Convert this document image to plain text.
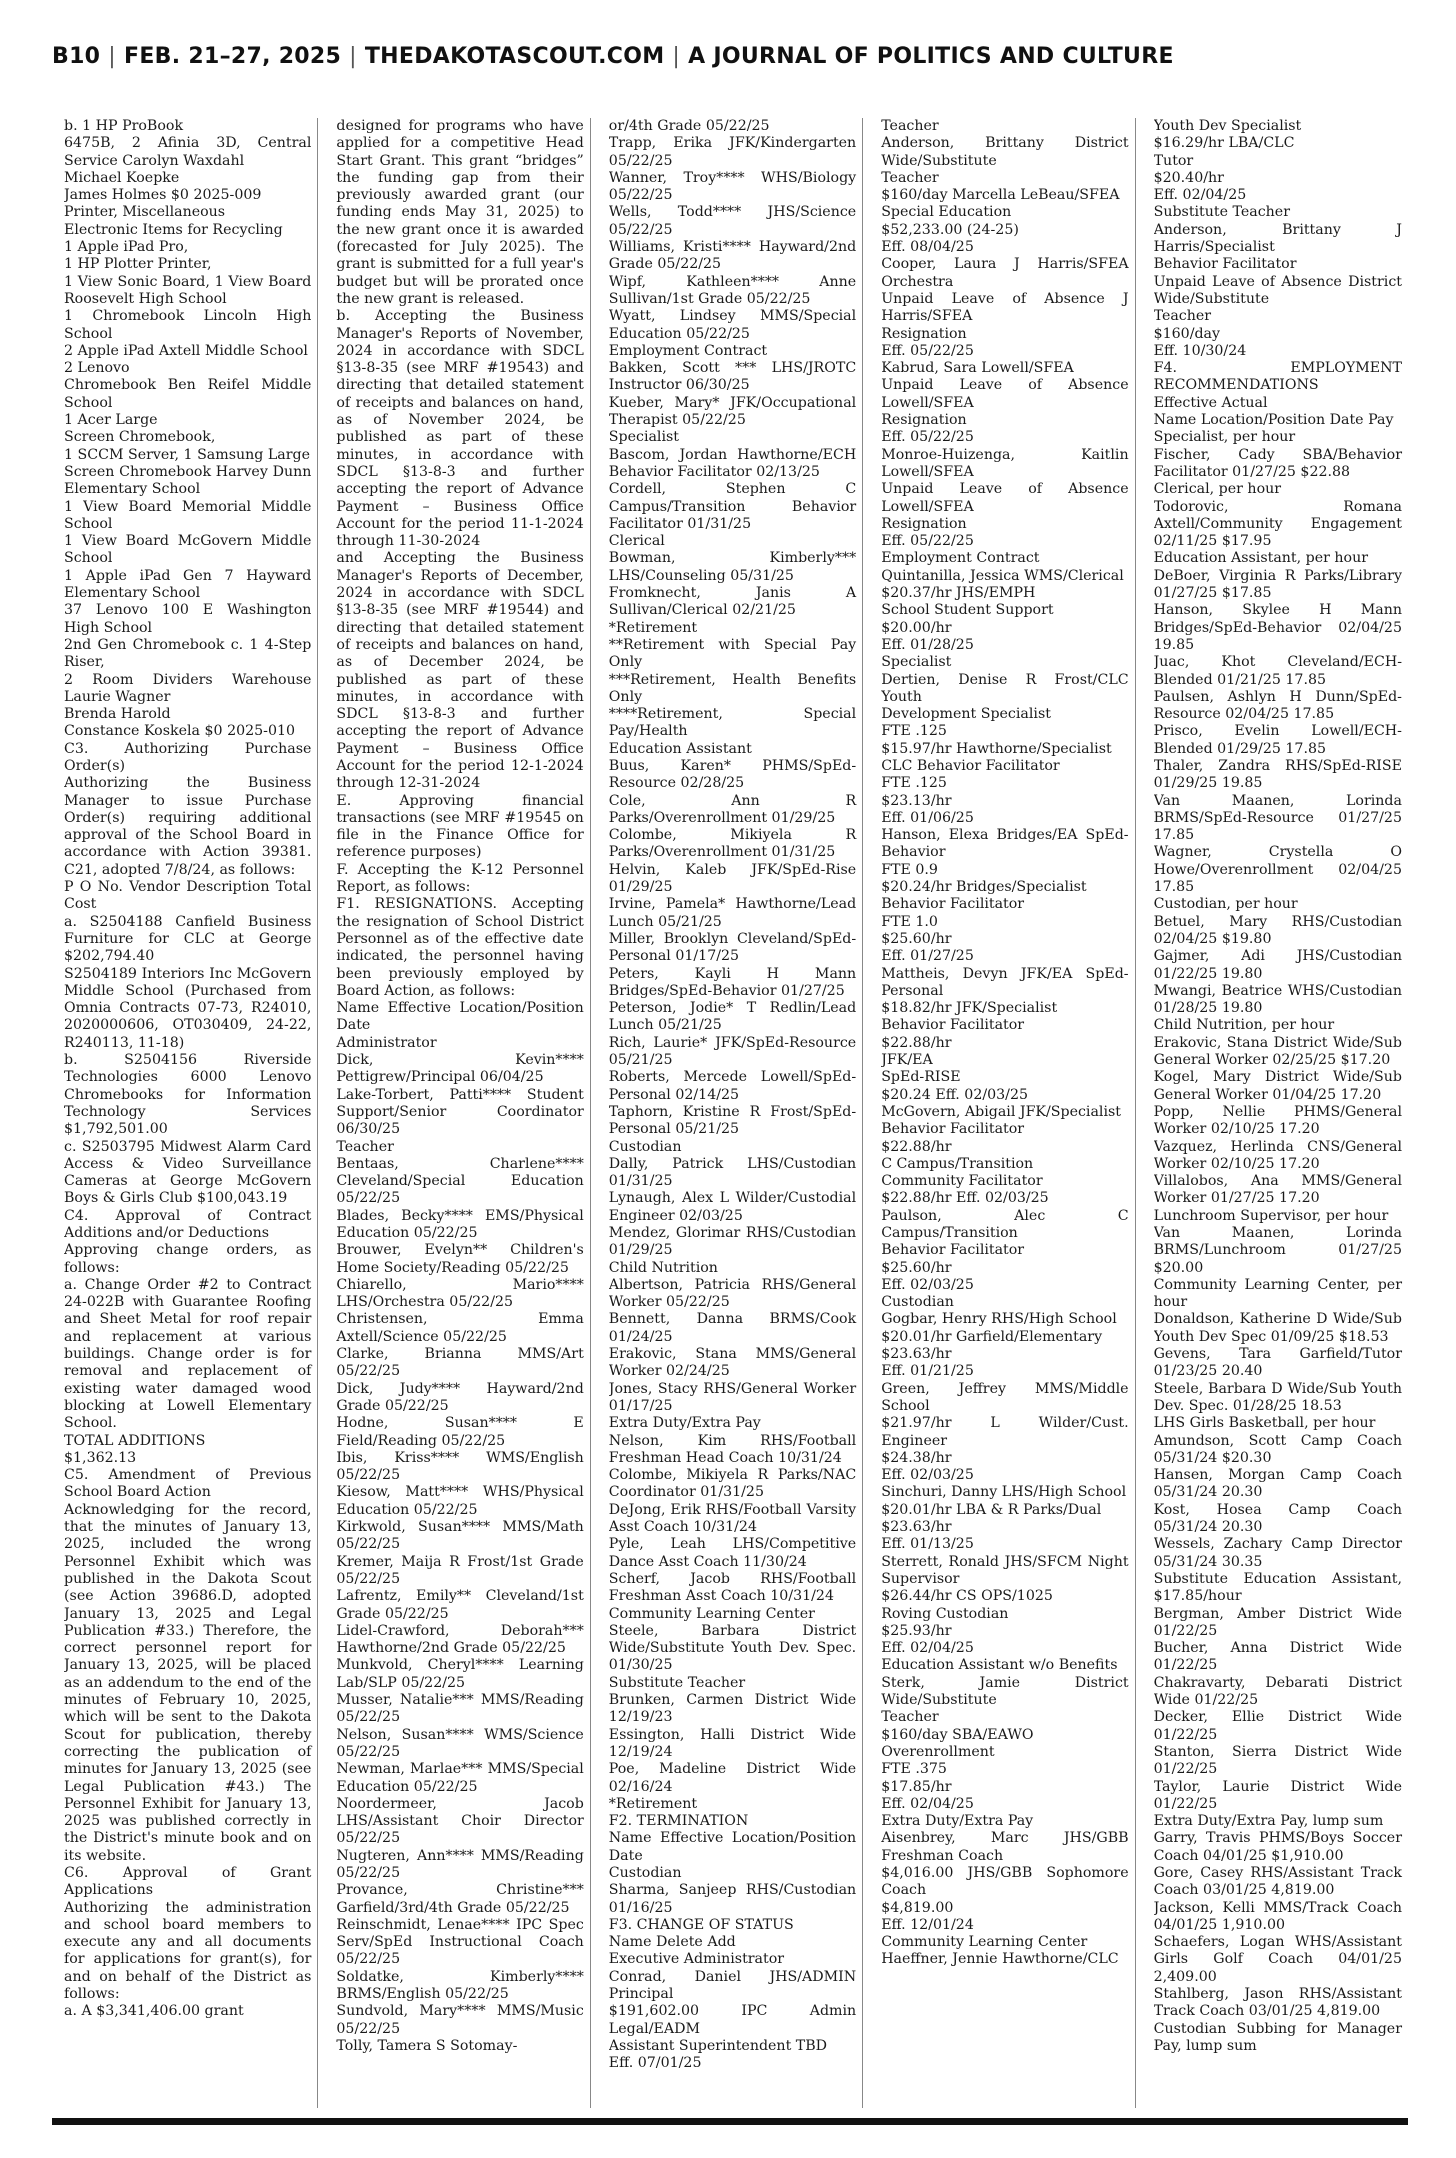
B10 | FEB. 21–27, 2025 | THEDAKOTASCOUT.COM | A JOURNAL OF POLITICS AND CULTURE
b. 1 HP ProBook
6475B, 2 Afinia 3D, Central Service Carolyn Waxdahl
Michael Koepke
James Holmes $0 2025-009
Printer, Miscellaneous
Electronic Items for Recycling
1 Apple iPad Pro,
1 HP Plotter Printer,
1 View Sonic Board, 1 View Board Roosevelt High School
1 Chromebook Lincoln High School
2 Apple iPad Axtell Middle School
2 Lenovo
Chromebook Ben Reifel Middle School
1 Acer Large
Screen Chromebook,
1 SCCM Server, 1 Samsung Large
Screen Chromebook Harvey Dunn Elementary School
1 View Board Memorial Middle School
1 View Board McGovern Middle School
1 Apple iPad Gen 7 Hayward Elementary School
37 Lenovo 100 E Washington High School
2nd Gen Chromebook c. 1 4-Step Riser,
2 Room Dividers Warehouse Laurie Wagner
Brenda Harold
Constance Koskela $0 2025-010
C3. Authorizing Purchase Order(s)
Authorizing the Business Manager to issue Purchase Order(s) requiring additional approval of the School Board in accordance with Action 39381. C21, adopted 7/8/24, as follows:
P O No. Vendor Description Total Cost
a. S2504188 Canfield Business Furniture for CLC at George $202,794.40
S2504189 Interiors Inc McGovern Middle School (Purchased from Omnia Contracts 07-73, R24010, 2020000606, OT030409, 24-22, R240113, 11-18)
b. S2504156 Riverside Technologies 6000 Lenovo Chromebooks for Information Technology Services $1,792,501.00
c. S2503795 Midwest Alarm Card Access & Video Surveillance Cameras at George McGovern Boys & Girls Club $100,043.19
C4. Approval of Contract Additions and/or Deductions
Approving change orders, as follows:
a. Change Order #2 to Contract 24-022B with Guarantee Roofing and Sheet Metal for roof repair and replacement at various buildings. Change order is for removal and replacement of existing water damaged wood blocking at Lowell Elementary School.
TOTAL ADDITIONS
$1,362.13
C5. Amendment of Previous School Board Action
Acknowledging for the record, that the minutes of January 13, 2025, included the wrong Personnel Exhibit which was published in the Dakota Scout (see Action 39686.D, adopted January 13, 2025 and Legal Publication #33.) Therefore, the correct personnel report for January 13, 2025, will be placed as an addendum to the end of the minutes of February 10, 2025, which will be sent to the Dakota Scout for publication, thereby correcting the publication of minutes for January 13, 2025 (see Legal Publication #43.) The Personnel Exhibit for January 13, 2025 was published correctly in the District's minute book and on its website.
C6. Approval of Grant Applications
Authorizing the administration and school board members to execute any and all documents for applications for grant(s), for and on behalf of the District as follows:
a. A $3,341,406.00 grant
designed for programs who have applied for a competitive Head Start Grant. This grant “bridges” the funding gap from their previously awarded grant (our funding ends May 31, 2025) to the new grant once it is awarded (forecasted for July 2025). The grant is submitted for a full year's budget but will be prorated once the new grant is released.
b. Accepting the Business Manager's Reports of November, 2024 in accordance with SDCL §13-8-35 (see MRF #19543) and directing that detailed statement of receipts and balances on hand, as of November 2024, be published as part of these minutes, in accordance with SDCL §13-8-3 and further accepting the report of Advance Payment – Business Office Account for the period 11-1-2024 through 11-30-2024
and Accepting the Business Manager's Reports of December, 2024 in accordance with SDCL §13-8-35 (see MRF #19544) and directing that detailed statement of receipts and balances on hand, as of December 2024, be published as part of these minutes, in accordance with SDCL §13-8-3 and further accepting the report of Advance Payment – Business Office Account for the period 12-1-2024 through 12-31-2024
E. Approving financial transactions (see MRF #19545 on file in the Finance Office for reference purposes)
F. Accepting the K-12 Personnel Report, as follows:
F1. RESIGNATIONS. Accepting the resignation of School District Personnel as of the effective date indicated, the personnel having been previously employed by Board Action, as follows:
Name Effective Location/Position Date
Administrator
Dick, Kevin**** Pettigrew/Principal 06/04/25
Lake-Torbert, Patti**** Student Support/Senior Coordinator 06/30/25
Teacher
Bentaas, Charlene**** Cleveland/Special Education 05/22/25
Blades, Becky**** EMS/Physical Education 05/22/25
Brouwer, Evelyn** Children's Home Society/Reading 05/22/25
Chiarello, Mario**** LHS/Orchestra 05/22/25
Christensen, Emma Axtell/Science 05/22/25
Clarke, Brianna MMS/Art 05/22/25
Dick, Judy**** Hayward/2nd Grade 05/22/25
Hodne, Susan**** E Field/Reading 05/22/25
Ibis, Kriss**** WMS/English 05/22/25
Kiesow, Matt**** WHS/Physical Education 05/22/25
Kirkwold, Susan**** MMS/Math 05/22/25
Kremer, Maija R Frost/1st Grade 05/22/25
Lafrentz, Emily** Cleveland/1st Grade 05/22/25
Lidel-Crawford, Deborah*** Hawthorne/2nd Grade 05/22/25
Munkvold, Cheryl**** Learning Lab/SLP 05/22/25
Musser, Natalie*** MMS/Reading 05/22/25
Nelson, Susan**** WMS/Science 05/22/25
Newman, Marlae*** MMS/Special Education 05/22/25
Noordermeer, Jacob LHS/Assistant Choir Director 05/22/25
Nugteren, Ann**** MMS/Reading 05/22/25
Provance, Christine*** Garfield/3rd/4th Grade 05/22/25
Reinschmidt, Lenae**** IPC Spec Serv/SpEd Instructional Coach 05/22/25
Soldatke, Kimberly**** BRMS/English 05/22/25
Sundvold, Mary**** MMS/Music 05/22/25
Tolly, Tamera S Sotomay-
or/4th Grade 05/22/25
Trapp, Erika JFK/Kindergarten 05/22/25
Wanner, Troy**** WHS/Biology 05/22/25
Wells, Todd**** JHS/Science 05/22/25
Williams, Kristi**** Hayward/2nd Grade 05/22/25
Wipf, Kathleen**** Anne Sullivan/1st Grade 05/22/25
Wyatt, Lindsey MMS/Special Education 05/22/25
Employment Contract
Bakken, Scott *** LHS/JROTC Instructor 06/30/25
Kueber, Mary* JFK/Occupational Therapist 05/22/25
Specialist
Bascom, Jordan Hawthorne/ECH Behavior Facilitator 02/13/25
Cordell, Stephen C Campus/Transition Behavior Facilitator 01/31/25
Clerical
Bowman, Kimberly*** LHS/Counseling 05/31/25
Fromknecht, Janis A Sullivan/Clerical 02/21/25
*Retirement
**Retirement with Special Pay Only
***Retirement, Health Benefits Only
****Retirement, Special Pay/Health
Education Assistant
Buus, Karen* PHMS/SpEd-Resource 02/28/25
Cole, Ann R Parks/Overenrollment 01/29/25
Colombe, Mikiyela R Parks/Overenrollment 01/31/25
Helvin, Kaleb JFK/SpEd-Rise 01/29/25
Irvine, Pamela* Hawthorne/Lead Lunch 05/21/25
Miller, Brooklyn Cleveland/SpEd-Personal 01/17/25
Peters, Kayli H Mann Bridges/SpEd-Behavior 01/27/25
Peterson, Jodie* T Redlin/Lead Lunch 05/21/25
Rich, Laurie* JFK/SpEd-Resource 05/21/25
Roberts, Mercede Lowell/SpEd-Personal 02/14/25
Taphorn, Kristine R Frost/SpEd-Personal 05/21/25
Custodian
Dally, Patrick LHS/Custodian 01/31/25
Lynaugh, Alex L Wilder/Custodial Engineer 02/03/25
Mendez, Glorimar RHS/Custodian 01/29/25
Child Nutrition
Albertson, Patricia RHS/General Worker 05/22/25
Bennett, Danna BRMS/Cook 01/24/25
Erakovic, Stana MMS/General Worker 02/24/25
Jones, Stacy RHS/General Worker 01/17/25
Extra Duty/Extra Pay
Nelson, Kim RHS/Football Freshman Head Coach 10/31/24
Colombe, Mikiyela R Parks/NAC Coordinator 01/31/25
DeJong, Erik RHS/Football Varsity Asst Coach 10/31/24
Pyle, Leah LHS/Competitive Dance Asst Coach 11/30/24
Scherf, Jacob RHS/Football Freshman Asst Coach 10/31/24
Community Learning Center
Steele, Barbara District Wide/Substitute Youth Dev. Spec. 01/30/25
Substitute Teacher
Brunken, Carmen District Wide 12/19/23
Essington, Halli District Wide 12/19/24
Poe, Madeline District Wide 02/16/24
*Retirement
F2. TERMINATION
Name Effective Location/Position Date
Custodian
Sharma, Sanjeep RHS/Custodian 01/16/25
F3. CHANGE OF STATUS
Name Delete Add
Executive Administrator
Conrad, Daniel JHS/ADMIN Principal
$191,602.00 IPC Admin Legal/EADM
Assistant Superintendent TBD
Eff. 07/01/25
Teacher
Anderson, Brittany District Wide/Substitute
Teacher
$160/day Marcella LeBeau/SFEA
Special Education
$52,233.00 (24-25)
Eff. 08/04/25
Cooper, Laura J Harris/SFEA Orchestra
Unpaid Leave of Absence J Harris/SFEA
Resignation
Eff. 05/22/25
Kabrud, Sara Lowell/SFEA
Unpaid Leave of Absence Lowell/SFEA
Resignation
Eff. 05/22/25
Monroe-Huizenga, Kaitlin Lowell/SFEA
Unpaid Leave of Absence Lowell/SFEA
Resignation
Eff. 05/22/25
Employment Contract
Quintanilla, Jessica WMS/Clerical
$20.37/hr JHS/EMPH
School Student Support
$20.00/hr
Eff. 01/28/25
Specialist
Dertien, Denise R Frost/CLC Youth
Development Specialist
FTE .125
$15.97/hr Hawthorne/Specialist
CLC Behavior Facilitator
FTE .125
$23.13/hr
Eff. 01/06/25
Hanson, Elexa Bridges/EA SpEd-Behavior
FTE 0.9
$20.24/hr Bridges/Specialist
Behavior Facilitator
FTE 1.0
$25.60/hr
Eff. 01/27/25
Mattheis, Devyn JFK/EA SpEd-Personal
$18.82/hr JFK/Specialist
Behavior Facilitator
$22.88/hr
JFK/EA
SpEd-RISE
$20.24 Eff. 02/03/25
McGovern, Abigail JFK/Specialist
Behavior Facilitator
$22.88/hr
C Campus/Transition
Community Facilitator
$22.88/hr Eff. 02/03/25
Paulson, Alec C Campus/Transition
Behavior Facilitator
$25.60/hr
Eff. 02/03/25
Custodian
Gogbar, Henry RHS/High School
$20.01/hr Garfield/Elementary
$23.63/hr
Eff. 01/21/25
Green, Jeffrey MMS/Middle School
$21.97/hr L Wilder/Cust. Engineer
$24.38/hr
Eff. 02/03/25
Sinchuri, Danny LHS/High School
$20.01/hr LBA & R Parks/Dual
$23.63/hr
Eff. 01/13/25
Sterrett, Ronald JHS/SFCM Night Supervisor
$26.44/hr CS OPS/1025
Roving Custodian
$25.93/hr
Eff. 02/04/25
Education Assistant w/o Benefits
Sterk, Jamie District Wide/Substitute
Teacher
$160/day SBA/EAWO
Overenrollment
FTE .375
$17.85/hr
Eff. 02/04/25
Extra Duty/Extra Pay
Aisenbrey, Marc JHS/GBB Freshman Coach
$4,016.00 JHS/GBB Sophomore Coach
$4,819.00
Eff. 12/01/24
Community Learning Center
Haeffner, Jennie Hawthorne/CLC
Youth Dev Specialist
$16.29/hr LBA/CLC
Tutor
$20.40/hr
Eff. 02/04/25
Substitute Teacher
Anderson, Brittany J Harris/Specialist
Behavior Facilitator
Unpaid Leave of Absence District Wide/Substitute
Teacher
$160/day
Eff. 10/30/24
F4. EMPLOYMENT RECOMMENDATIONS
Effective Actual
Name Location/Position Date Pay
Specialist, per hour
Fischer, Cady SBA/Behavior Facilitator 01/27/25 $22.88
Clerical, per hour
Todorovic, Romana Axtell/Community Engagement 02/11/25 $17.95
Education Assistant, per hour
DeBoer, Virginia R Parks/Library 01/27/25 $17.85
Hanson, Skylee H Mann Bridges/SpEd-Behavior 02/04/25 19.85
Juac, Khot Cleveland/ECH-Blended 01/21/25 17.85
Paulsen, Ashlyn H Dunn/SpEd-Resource 02/04/25 17.85
Prisco, Evelin Lowell/ECH-Blended 01/29/25 17.85
Thaler, Zandra RHS/SpEd-RISE 01/29/25 19.85
Van Maanen, Lorinda BRMS/SpEd-Resource 01/27/25 17.85
Wagner, Crystella O Howe/Overenrollment 02/04/25 17.85
Custodian, per hour
Betuel, Mary RHS/Custodian 02/04/25 $19.80
Gajmer, Adi JHS/Custodian 01/22/25 19.80
Mwangi, Beatrice WHS/Custodian 01/28/25 19.80
Child Nutrition, per hour
Erakovic, Stana District Wide/Sub General Worker 02/25/25 $17.20
Kogel, Mary District Wide/Sub General Worker 01/04/25 17.20
Popp, Nellie PHMS/General Worker 02/10/25 17.20
Vazquez, Herlinda CNS/General Worker 02/10/25 17.20
Villalobos, Ana MMS/General Worker 01/27/25 17.20
Lunchroom Supervisor, per hour
Van Maanen, Lorinda BRMS/Lunchroom 01/27/25 $20.00
Community Learning Center, per hour
Donaldson, Katherine D Wide/Sub Youth Dev Spec 01/09/25 $18.53
Gevens, Tara Garfield/Tutor 01/23/25 20.40
Steele, Barbara D Wide/Sub Youth Dev. Spec. 01/28/25 18.53
LHS Girls Basketball, per hour
Amundson, Scott Camp Coach 05/31/24 $20.30
Hansen, Morgan Camp Coach 05/31/24 20.30
Kost, Hosea Camp Coach 05/31/24 20.30
Wessels, Zachary Camp Director 05/31/24 30.35
Substitute Education Assistant, $17.85/hour
Bergman, Amber District Wide 01/22/25
Bucher, Anna District Wide 01/22/25
Chakravarty, Debarati District Wide 01/22/25
Decker, Ellie District Wide 01/22/25
Stanton, Sierra District Wide 01/22/25
Taylor, Laurie District Wide 01/22/25
Extra Duty/Extra Pay, lump sum
Garry, Travis PHMS/Boys Soccer Coach 04/01/25 $1,910.00
Gore, Casey RHS/Assistant Track Coach 03/01/25 4,819.00
Jackson, Kelli MMS/Track Coach 04/01/25 1,910.00
Schaefers, Logan WHS/Assistant Girls Golf Coach 04/01/25 2,409.00
Stahlberg, Jason RHS/Assistant Track Coach 03/01/25 4,819.00
Custodian Subbing for Manager Pay, lump sum
